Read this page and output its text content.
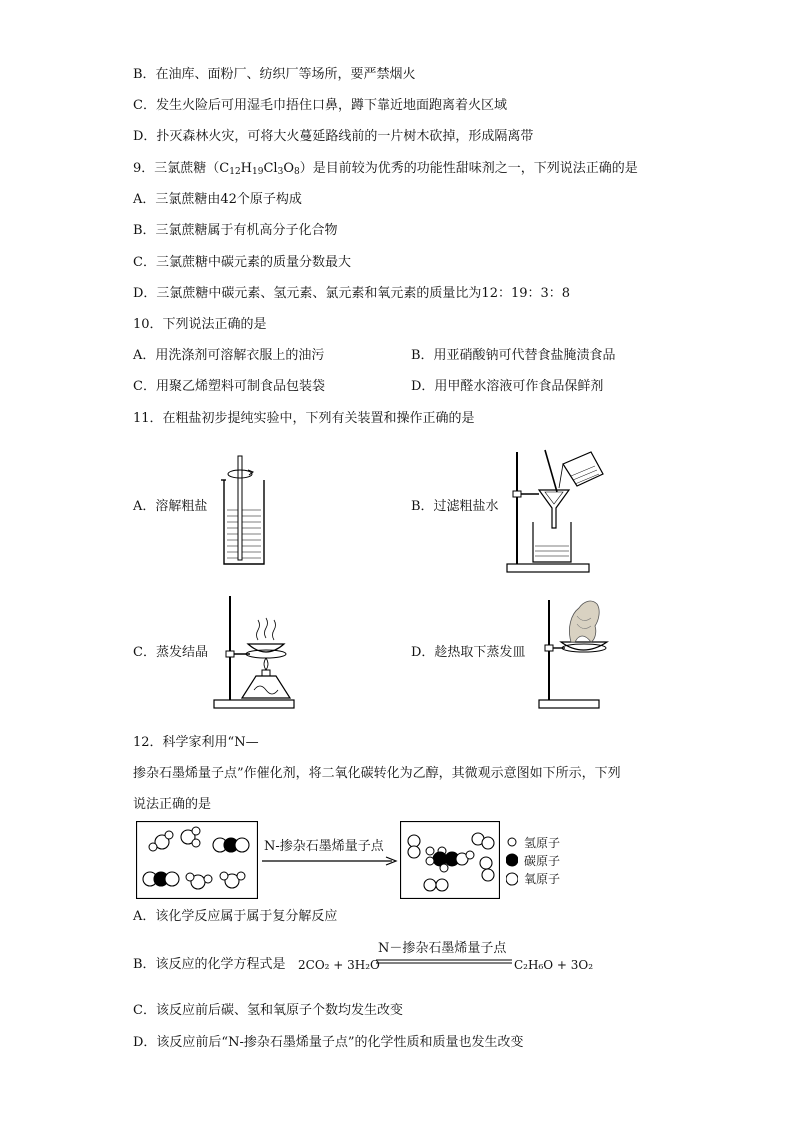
B．在油库、面粉厂、纺织厂等场所，要严禁烟火
C．发生火险后可用湿毛巾捂住口鼻，蹲下靠近地面跑离着火区域
D．扑灭森林火灾，可将大火蔓延路线前的一片树木砍掉，形成隔离带
9．三氯蔗糖$(C_{12}H_{19}Cl_3O_8)$是目前较为优秀的功能性甜味剂之一，下列说法正确的是
A．三氯蔗糖由42个原子构成
B．三氯蔗糖属于有机高分子化合物
C．三氯蔗糖中碳元素的质量分数最大
D．三氯蔗糖中碳元素、氢元素、氯元素和氧元素的质量比为12：19：3：8
10．下列说法正确的是
A．用洗涤剂可溶解衣服上的油污	B．用亚硝酸钠可代替食盐腌渍食品
C．用聚乙烯塑料可制食品包装袋	D．用甲醛水溶液可作食品保鲜剂
11．在粗盐初步提纯实验中，下列有关装置和操作正确的是
A．溶解粗盐	B．过滤粗盐水
C．蒸发结晶	D．趁热取下蒸发皿
12．科学家利用“N—
掺杂石墨烯量子点”作催化剂，将二氧化碳转化为乙醇，其微观示意图如下所示，下列
说法正确的是
N-掺杂石墨烯量子点	氢原子
碳原子
氧原子
A．该化学反应属于属于复分解反应
B．该反应的化学方程式是 2CO₂ + 3H₂O
N－掺杂石墨烯量子点
C₂H₆O + 3O₂
C．该反应前后碳、氢和氧原子个数均发生改变
D．该反应前后“N-掺杂石墨烯量子点”的化学性质和质量也发生改变
